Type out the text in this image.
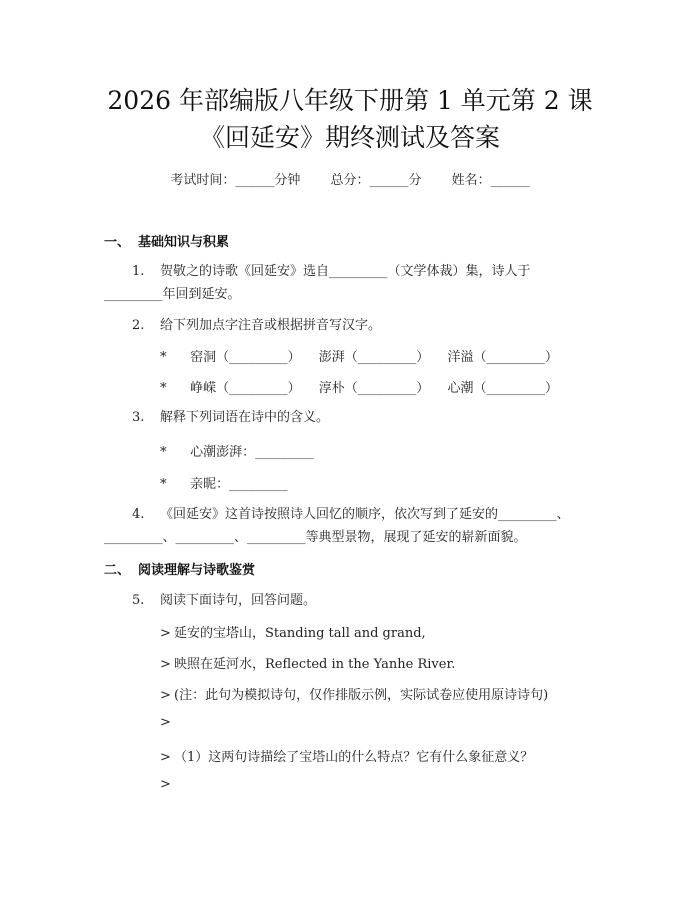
2026 年部编版八年级下册第 1 单元第 2 课
《回延安》期终测试及答案
考试时间：______分钟 总分：______分 姓名：______
一、 基础知识与积累
1.	贺敬之的诗歌《回延安》选自_________（文学体裁）集，诗人于
_________年回到延安。
2.	给下列加点字注音或根据拼音写汉字。
* 窑洞（_________） 澎湃（_________） 洋溢（_________）
* 峥嵘（_________） 淳朴（_________） 心潮（_________）
3.	解释下列词语在诗中的含义。
* 心潮澎湃：_________
* 亲昵：_________
4.	《回延安》这首诗按照诗人回忆的顺序，依次写到了延安的_________、
_________、_________、_________等典型景物，展现了延安的崭新面貌。
二、 阅读理解与诗歌鉴赏
5.	阅读下面诗句，回答问题。
> 延安的宝塔山，Standing tall and grand,
> 映照在延河水，Reflected in the Yanhe River.
> (注：此句为模拟诗句，仅作排版示例，实际试卷应使用原诗诗句)
>
> （1）这两句诗描绘了宝塔山的什么特点？它有什么象征意义？
>
